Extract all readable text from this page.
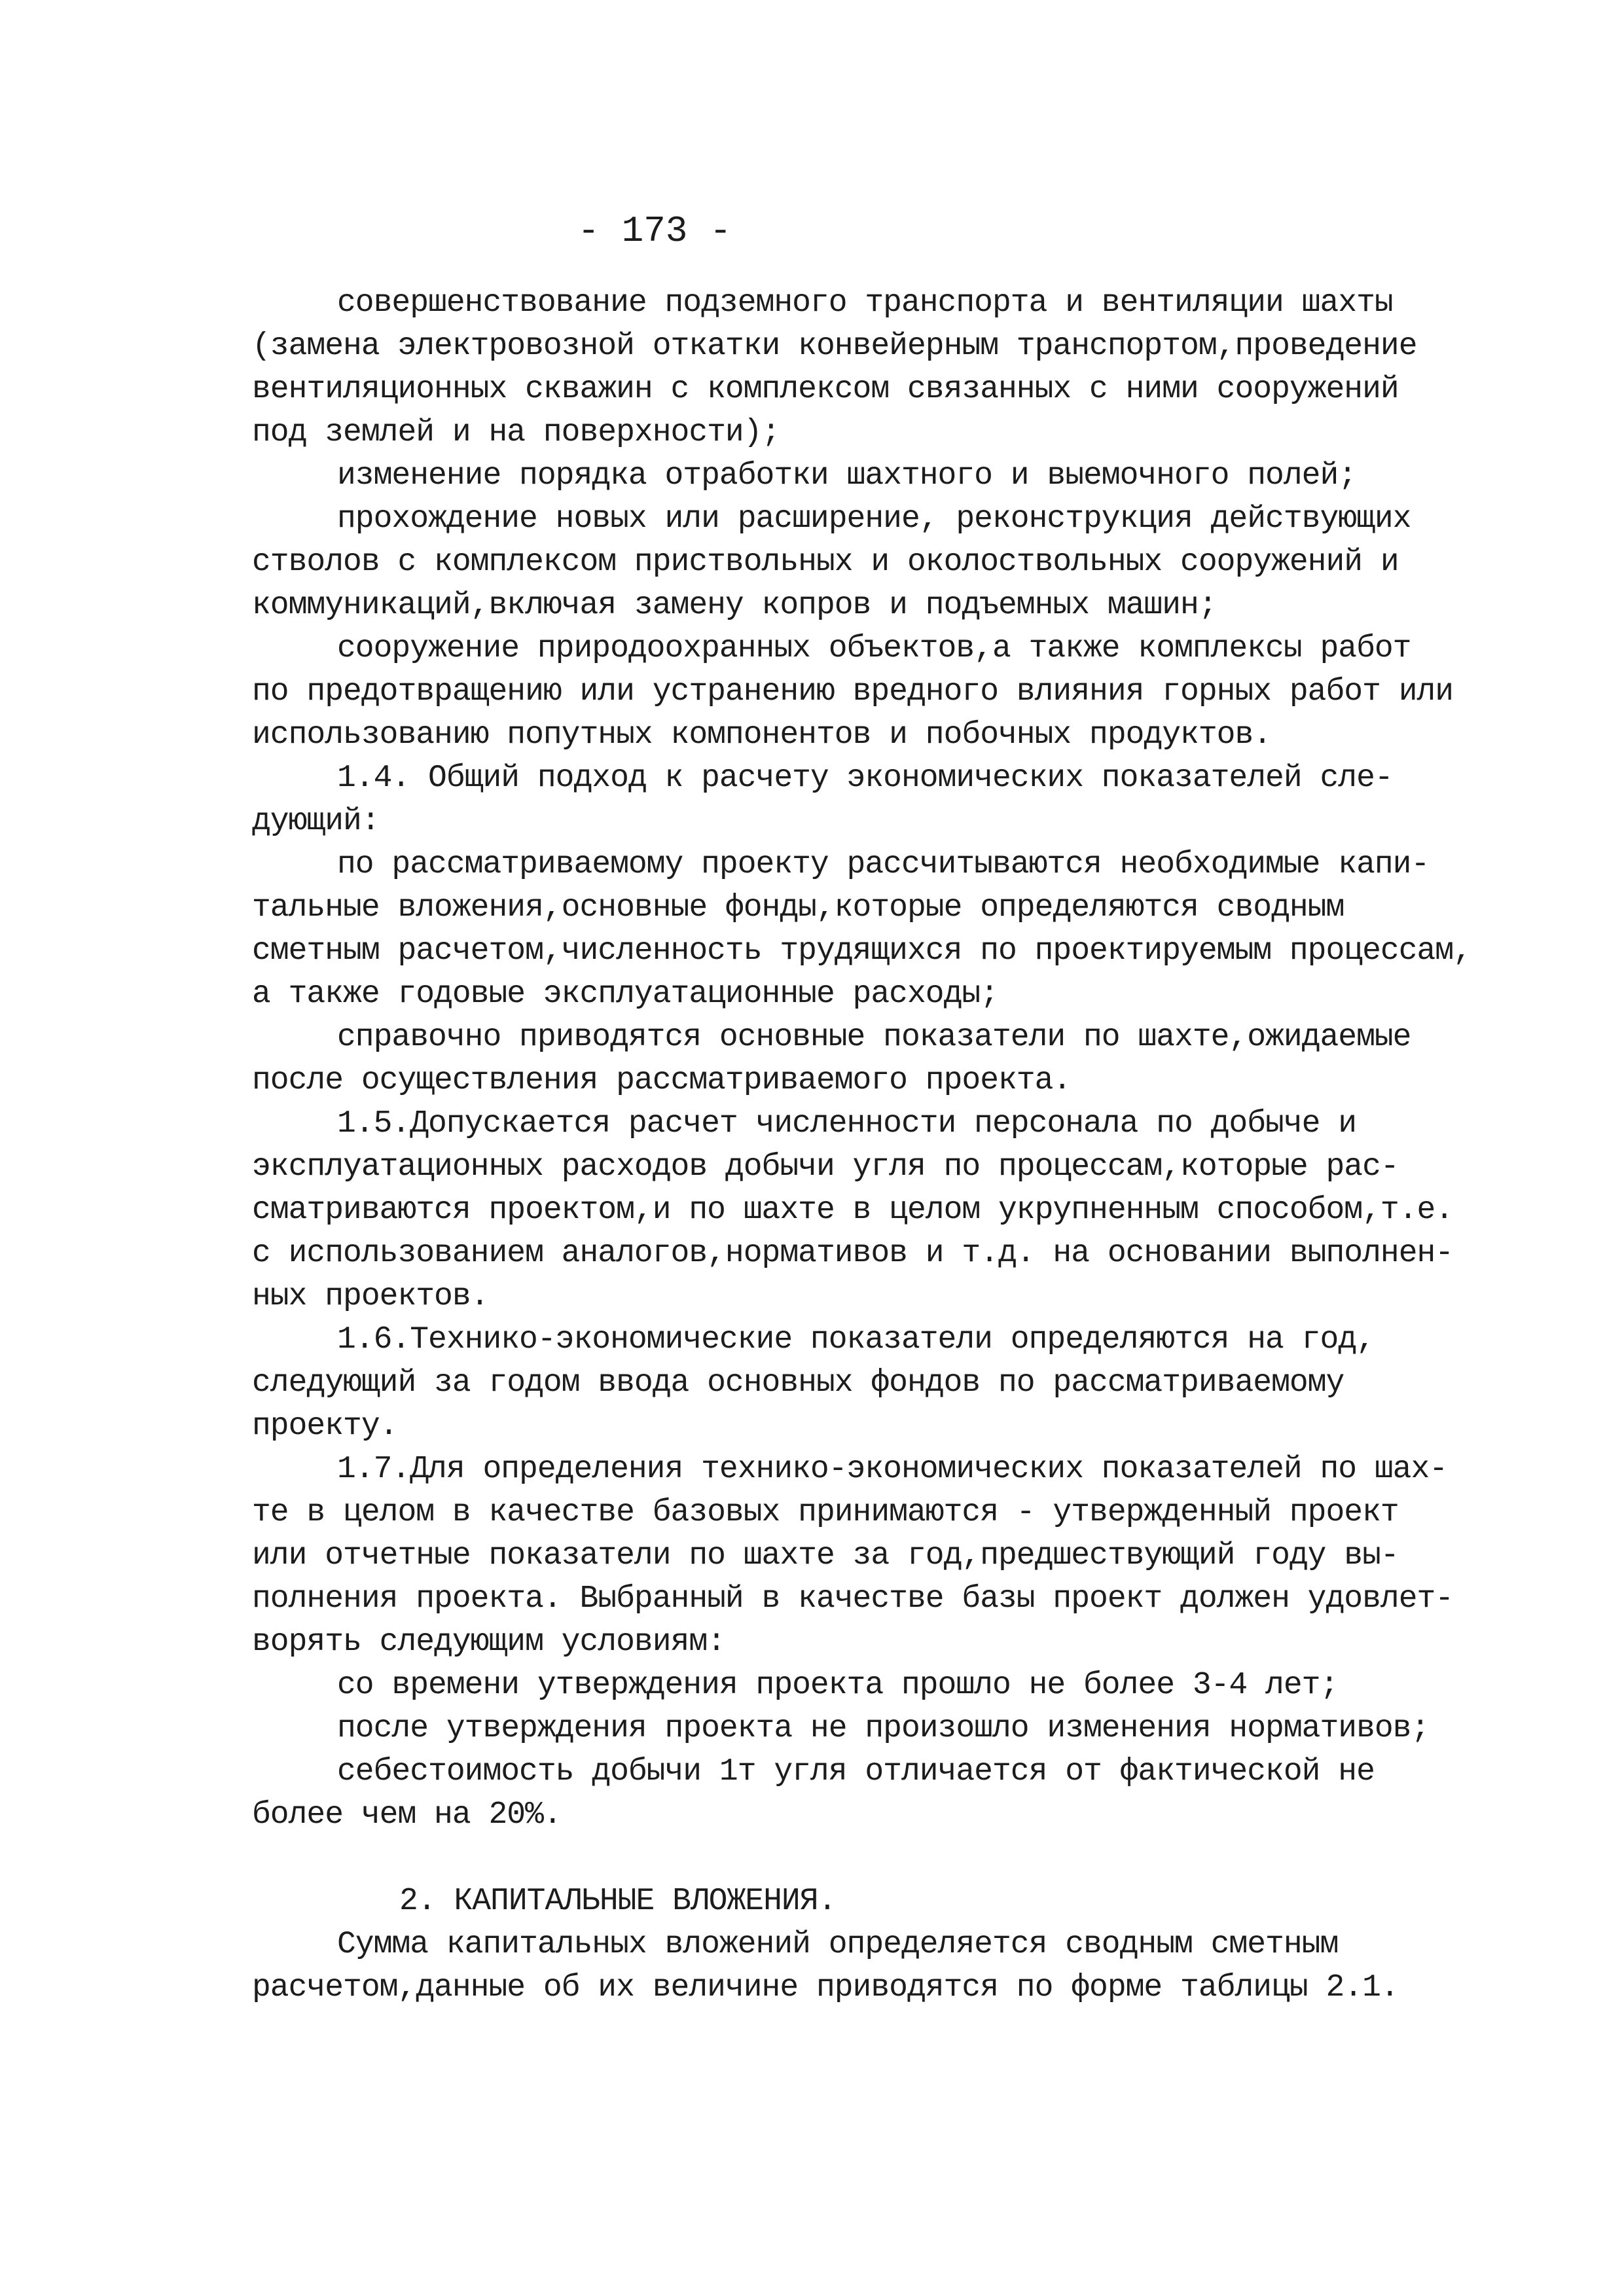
- 173 -
совершенствование подземного транспорта и вентиляции шахты
(замена электровозной откатки конвейерным транспортом,проведение
вентиляционных скважин с комплексом связанных с ними сооружений
под землей и на поверхности);
изменение порядка отработки шахтного и выемочного полей;
прохождение новых или расширение, реконструкция действующих
стволов с комплексом приствольных и околоствольных сооружений и
коммуникаций,включая замену копров и подъемных машин;
сооружение природоохранных объектов,а также комплексы работ
по предотвращению или устранению вредного влияния горных работ или
использованию попутных компонентов и побочных продуктов.
1.4. Общий подход к расчету экономических показателей сле-
дующий:
по рассматриваемому проекту рассчитываются необходимые капи-
тальные вложения,основные фонды,которые определяются сводным
сметным расчетом,численность трудящихся по проектируемым процессам,
а также годовые эксплуатационные расходы;
справочно приводятся основные показатели по шахте,ожидаемые
после осуществления рассматриваемого проекта.
1.5.Допускается расчет численности персонала по добыче и
эксплуатационных расходов добычи угля по процессам,которые рас-
сматриваются проектом,и по шахте в целом укрупненным способом,т.е.
с использованием аналогов,нормативов и т.д. на основании выполнен-
ных проектов.
1.6.Технико-экономические показатели определяются на год,
следующий за годом ввода основных фондов по рассматриваемому
проекту.
1.7.Для определения технико-экономических показателей по шах-
те в целом в качестве базовых принимаются - утвержденный проект
или отчетные показатели по шахте за год,предшествующий году вы-
полнения проекта. Выбранный в качестве базы проект должен удовлет-
ворять следующим условиям:
со времени утверждения проекта прошло не более 3-4 лет;
после утверждения проекта не произошло изменения нормативов;
себестоимость добычи 1т угля отличается от фактической не
более чем на 20%.
2. КАПИТАЛЬНЫЕ ВЛОЖЕНИЯ.
Сумма капитальных вложений определяется сводным сметным
расчетом,данные об их величине приводятся по форме таблицы 2.1.
